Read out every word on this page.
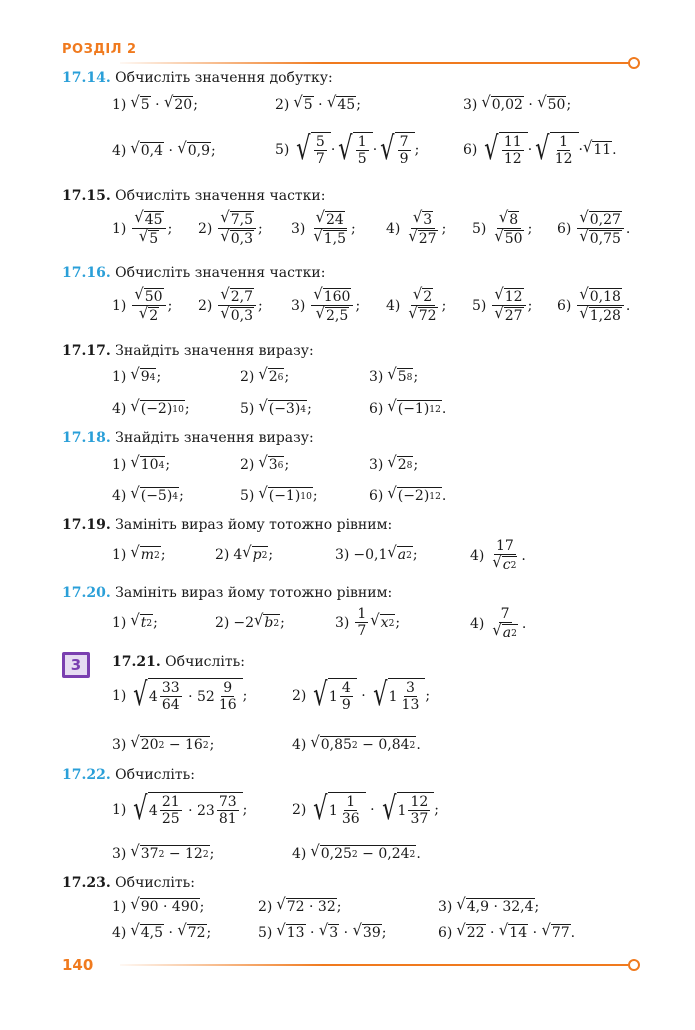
РОЗДІЛ 2
17.14. Обчисліть значення добутку:
1) √ 5
·
√ 20 ;	2) √ 5
·
√ 45 ;	3) √ 0,02
·
√ 50 ;
4) √ 0,4
·
√ 0,9 ;	5) √ $\frac{5}{7}$ · √ $\frac{1}{5}$ · √ $\frac{7}{9}$ ;	6) √ $\frac{11}{12}$ · √ $\frac{1}{12}$ · √ 11 .
17.15. Обчисліть значення частки:
$1) \frac{√ 45}{√ 5}$ ; $2) \frac{√ 7,5}{√ 0,3}$ ; $3) \frac{√ 24}{√ 1,5}$ ; $4) \frac{√ 3}{√ 27}$ ; $5) \frac{√ 8}{√ 50}$ ; $6) \frac{√ 0,27}{√ 0,75}$ .
17.16. Обчисліть значення частки:
$1) \frac{√ 50}{√ 2}$ ; $2) \frac{√ 2,7}{√ 0,3}$ ; $3) \frac{√ 160}{√ 2,5}$ ; $4) \frac{√ 2}{√ 72}$ ; $5) \frac{√ 12}{√ 27}$ ; $6) \frac{√ 0,18}{√ 1,28}$ .
17.17. Знайдіть значення виразу:
1) √ 9 4 ;	2) √ 2 6 ;	3) √ 5 8 ;
4) √ (−2) 10 ;	5) √ (−3) 4 ;	6) √ (−1) 12 .
17.18. Знайдіть значення виразу:
1) √ 10 4 ;	2) √ 3 6 ;	3) √ 2 8 ;
4) √ (−5) 4 ;	5) √ (−1) 10 ;	6) √ (−2) 12 .
17.19. Замініть вираз йому тотожно рівним:
1) √ m 2 ;	2) 4 √ p 2 ;	3) −0,1 √ a 2 ;	$4) \frac{17}{√ c 2}$ .
17.20. Замініть вираз йому тотожно рівним:
1) √ t 2 ;	2) −2 √ b 2 ;	$3) \frac{1}{7}$ √ x 2 ;	$4) \frac{7}{√ a 2}$ .
3	17.21. Обчисліть:
1) √ $4 \frac{33}{64}$
·
$52 \frac{9}{16}$ ;	2) √ $1 \frac{4}{9}$
·
√ $1 \frac{3}{13}$ ;
3) √ 20 2
−
16 2 ;	4) √ 0,85 2
−
0,84 2 .
17.22. Обчисліть:
1) √ $4 \frac{21}{25}$
·
$23 \frac{73}{81}$ ;	2) √ $1 \frac{1}{36}$
·
√ $1 \frac{12}{37}$ ;
3) √ 37 2
−
12 2 ;	4) √ 0,25 2
−
0,24 2 .
17.23. Обчисліть:
1) √ 90
·
490 ;	2) √ 72
·
32 ;	3) √ 4,9
·
32,4 ;
4) √ 4,5
·
√ 72 ;	5) √ 13
·
√ 3
·
√ 39 ;	6) √ 22
·
√ 14
·
√ 77 .
140
